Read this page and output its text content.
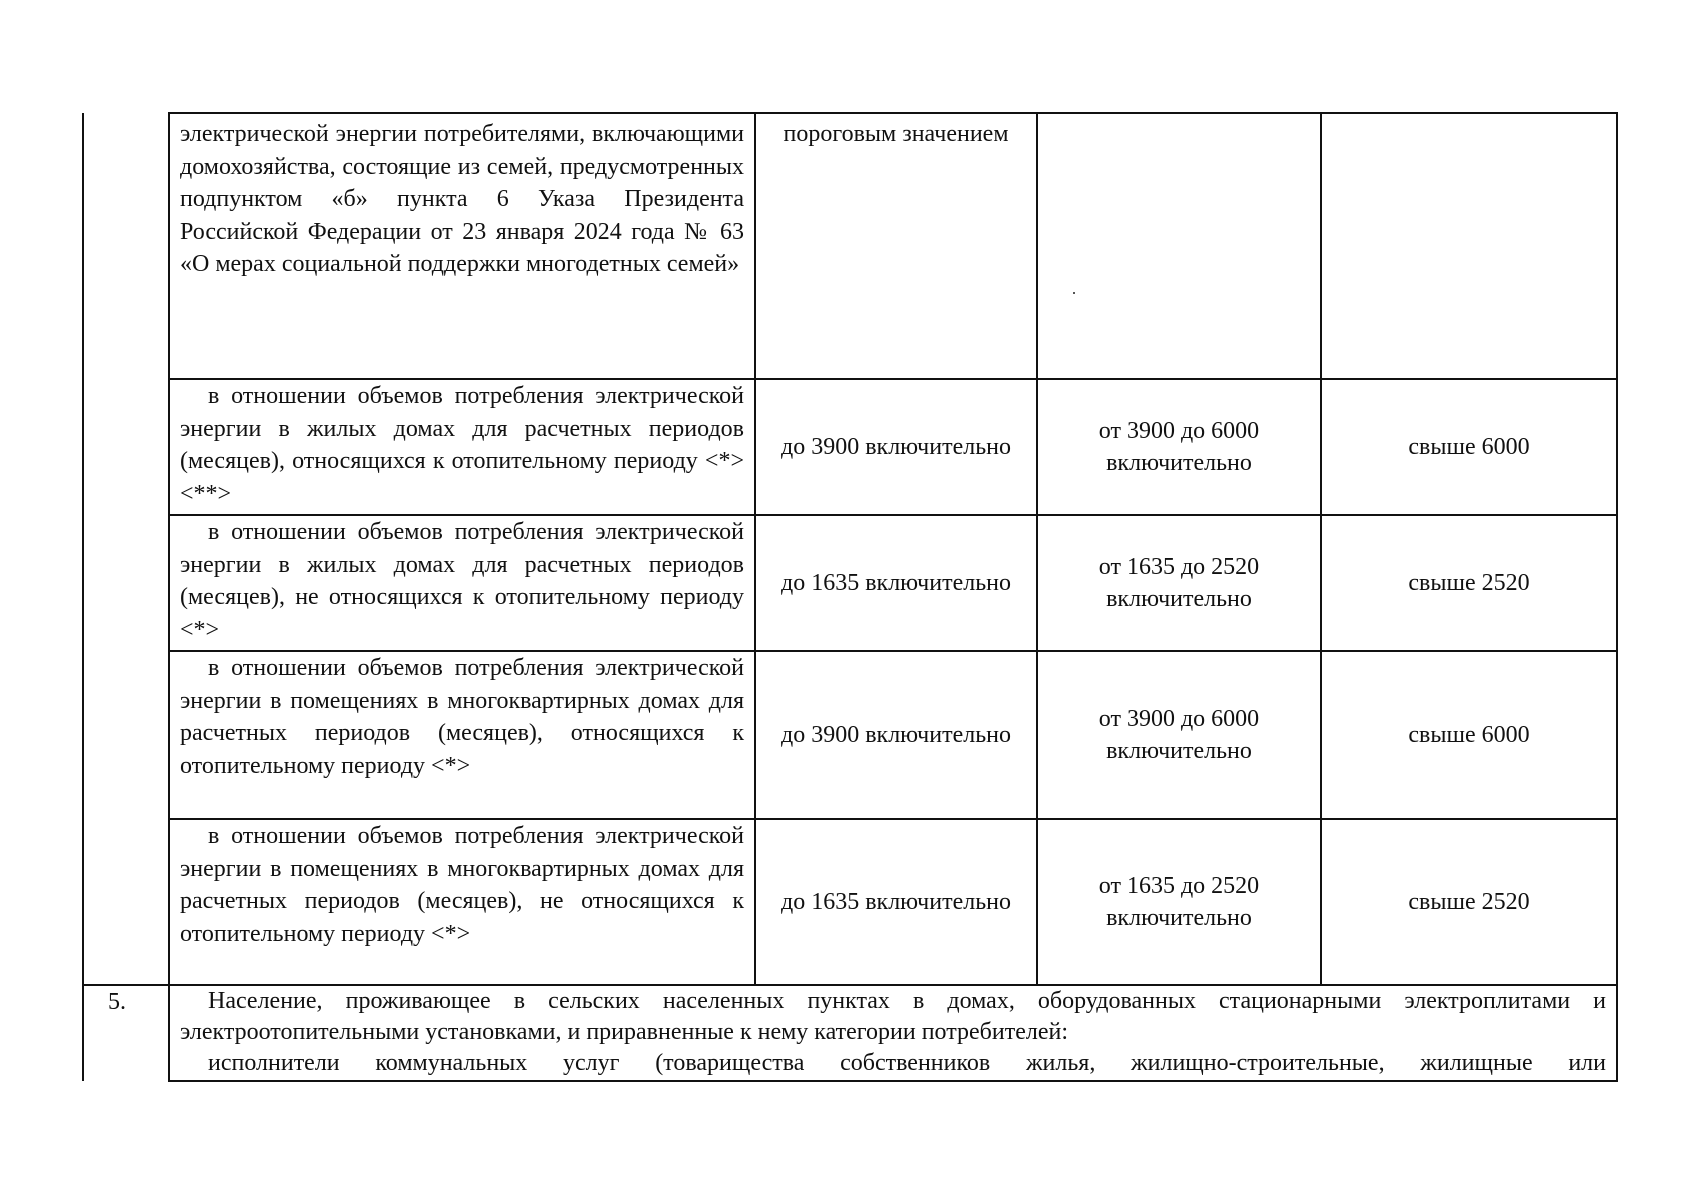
	электрической энергии потребителями, включающими домохозяйства, состоящие из семей, предусмотренных подпунктом «б» пункта 6 Указа Президента Российской Федерации от 23 января 2024 года № 63 «О мерах социальной поддержки многодетных семей»	пороговым значением		
	в отношении объемов потребления электрической энергии в жилых домах для расчетных периодов (месяцев), относящихся к отопительному периоду <*> <**>	до 3900 включительно	от 3900 до 6000 включительно	свыше 6000
	в отношении объемов потребления электрической энергии в жилых домах для расчетных периодов (месяцев), не относящихся к отопительному периоду <*>	до 1635 включительно	от 1635 до 2520 включительно	свыше 2520
	в отношении объемов потребления электрической энергии в помещениях в многоквартирных домах для расчетных периодов (месяцев), относящихся к отопительному периоду <*>	до 3900 включительно	от 3900 до 6000 включительно	свыше 6000
	в отношении объемов потребления электрической энергии в помещениях в многоквартирных домах для расчетных периодов (месяцев), не относящихся к отопительному периоду <*>	до 1635 включительно	от 1635 до 2520 включительно	свыше 2520

5.	Население, проживающее в сельских населенных пунктах в домах, оборудованных стационарными электроплитами и электроотопительными установками, и приравненные к нему категории потребителей:
исполнители коммунальных услуг (товарищества собственников жилья, жилищно-строительные, жилищные или			
